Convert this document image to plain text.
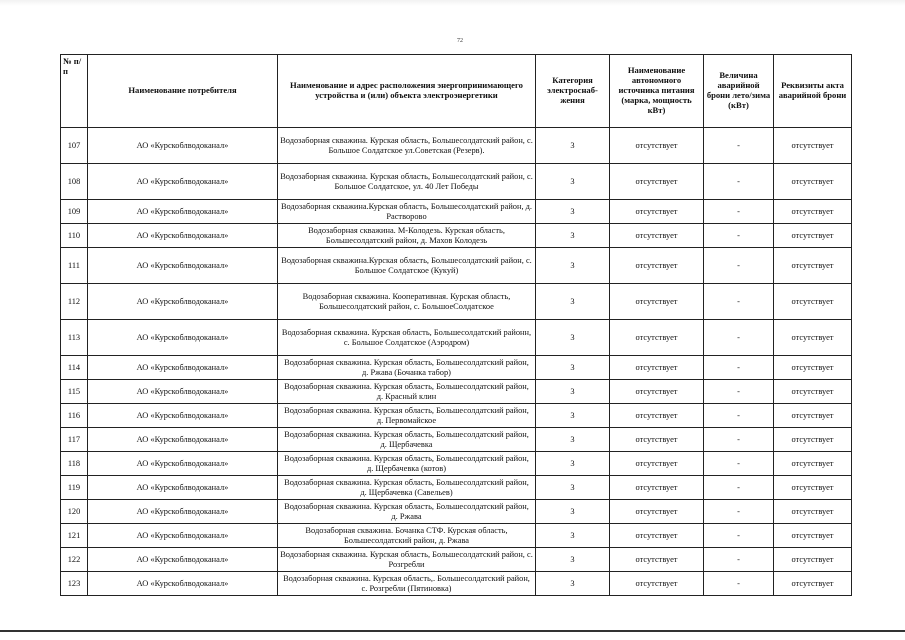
72
№ п/п	Наименование потребителя	Наименование и адрес расположения энергопринимающего устройства и (или) объекта электроэнергетики	Категория электроснаб-жения	Наименование автономного источника питания (марка, мощность кВт)	Величина аварийной брони лето/зима (кВт)	Реквизиты акта аварийной брони
107	АО «Курскоблводоканал»	Водозаборная скважина. Курская область, Большесолдатский район, с. Большое Солдатское ул.Советская (Резерв).	3	отсутствует	-	отсутствует
108	АО «Курскоблводоканал»	Водозаборная скважина. Курская область, Большесолдатский район, с. Большое Солдатское, ул. 40 Лет Победы	3	отсутствует	-	отсутствует
109	АО «Курскоблводоканал»	Водозаборная скважина.Курская область, Большесолдатский район, д. Растворово	3	отсутствует	-	отсутствует
110	АО «Курскоблводоканал»	Водозаборная скважина. М-Колодезь. Курская область, Большесолдатский район, д. Махов Колодезь	3	отсутствует	-	отсутствует
111	АО «Курскоблводоканал»	Водозаборная скважина.Курская область, Большесолдатский район, с. Большое Солдатское (Кукуй)	3	отсутствует	-	отсутствует
112	АО «Курскоблводоканал»	Водозаборная скважина. Кооперативная. Курская область, Большесолдатский район, с. БольшоеСолдатское	3	отсутствует	-	отсутствует
113	АО «Курскоблводоканал»	Водозаборная скважина. Курская область, Большесолдатский районн, с. Большое Солдатское (Аэродром)	3	отсутствует	-	отсутствует
114	АО «Курскоблводоканал»	Водозаборная скважина. Курская область, Большесолдатский район, д. Ржава (Бочанка табор)	3	отсутствует	-	отсутствует
115	АО «Курскоблводоканал»	Водозаборная скважина. Курская область, Большесолдатский район, д. Красный клин	3	отсутствует	-	отсутствует
116	АО «Курскоблводоканал»	Водозаборная скважина. Курская область, Большесолдатский район, д. Первомайское	3	отсутствует	-	отсутствует
117	АО «Курскоблводоканал»	Водозаборная скважина. Курская область, Большесолдатский район, д. Щербачевка	3	отсутствует	-	отсутствует
118	АО «Курскоблводоканал»	Водозаборная скважина. Курская область, Большесолдатский район, д. Щербачевка (котов)	3	отсутствует	-	отсутствует
119	АО «Курскоблводоканал»	Водозаборная скважина. Курская область, Большесолдатский район, д. Щербачевка (Савельев)	3	отсутствует	-	отсутствует
120	АО «Курскоблводоканал»	Водозаборная скважина. Курская область, Большесолдатский район, д. Ржава	3	отсутствует	-	отсутствует
121	АО «Курскоблводоканал»	Водозаборная скважина. Бочанка СТФ. Курская область, Большесолдатский район, д. Ржава	3	отсутствует	-	отсутствует
122	АО «Курскоблводоканал»	Водозаборная скважина. Курская область, Большесолдатский район, с. Розгребли	3	отсутствует	-	отсутствует
123	АО «Курскоблводоканал»	Водозаборная скважина. Курская область,. Большесолдатский район, с. Розгребли (Пятиновка)	3	отсутствует	-	отсутствует
